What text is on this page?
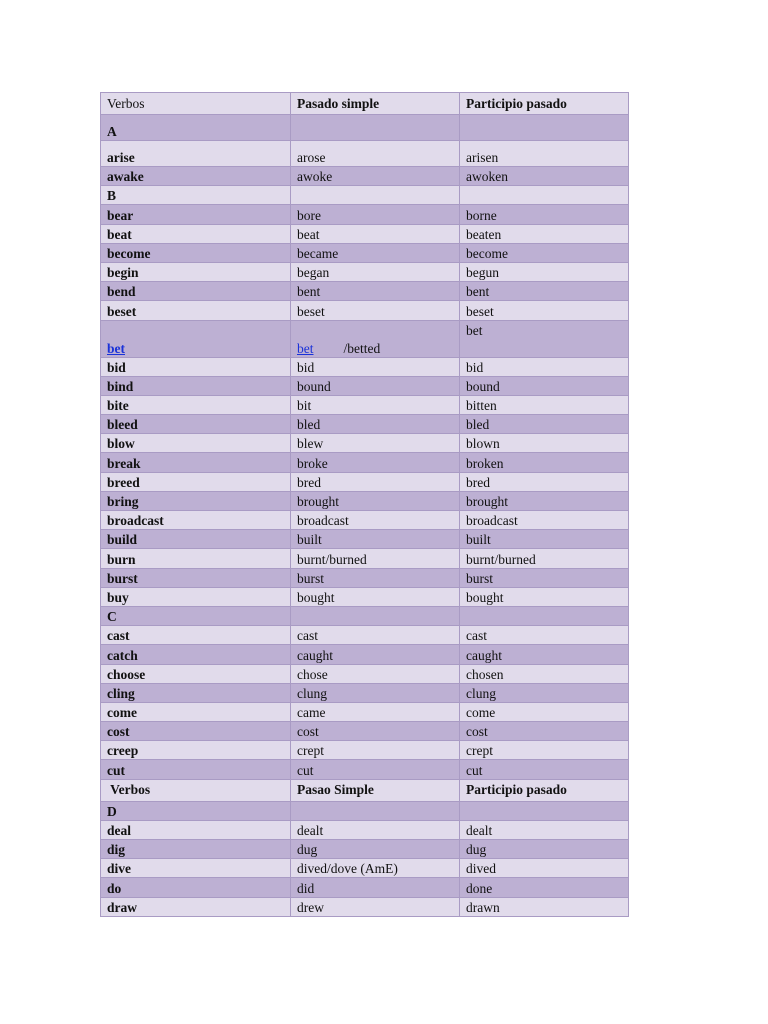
Verbos	Pasado simple	Participio pasado
A		
arise	arose	arisen
awake	awoke	awoken
B		
bear	bore	borne
beat	beat	beaten
become	became	become
begin	began	begun
bend	bent	bent
beset	beset	beset
bet	bet /betted	bet
bid	bid	bid
bind	bound	bound
bite	bit	bitten
bleed	bled	bled
blow	blew	blown
break	broke	broken
breed	bred	bred
bring	brought	brought
broadcast	broadcast	broadcast
build	built	built
burn	burnt/burned	burnt/burned
burst	burst	burst
buy	bought	bought
C		
cast	cast	cast
catch	caught	caught
choose	chose	chosen
cling	clung	clung
come	came	come
cost	cost	cost
creep	crept	crept
cut	cut	cut
Verbos	Pasao Simple	Participio pasado
D		
deal	dealt	dealt
dig	dug	dug
dive	dived/dove (AmE)	dived
do	did	done
draw	drew	drawn
